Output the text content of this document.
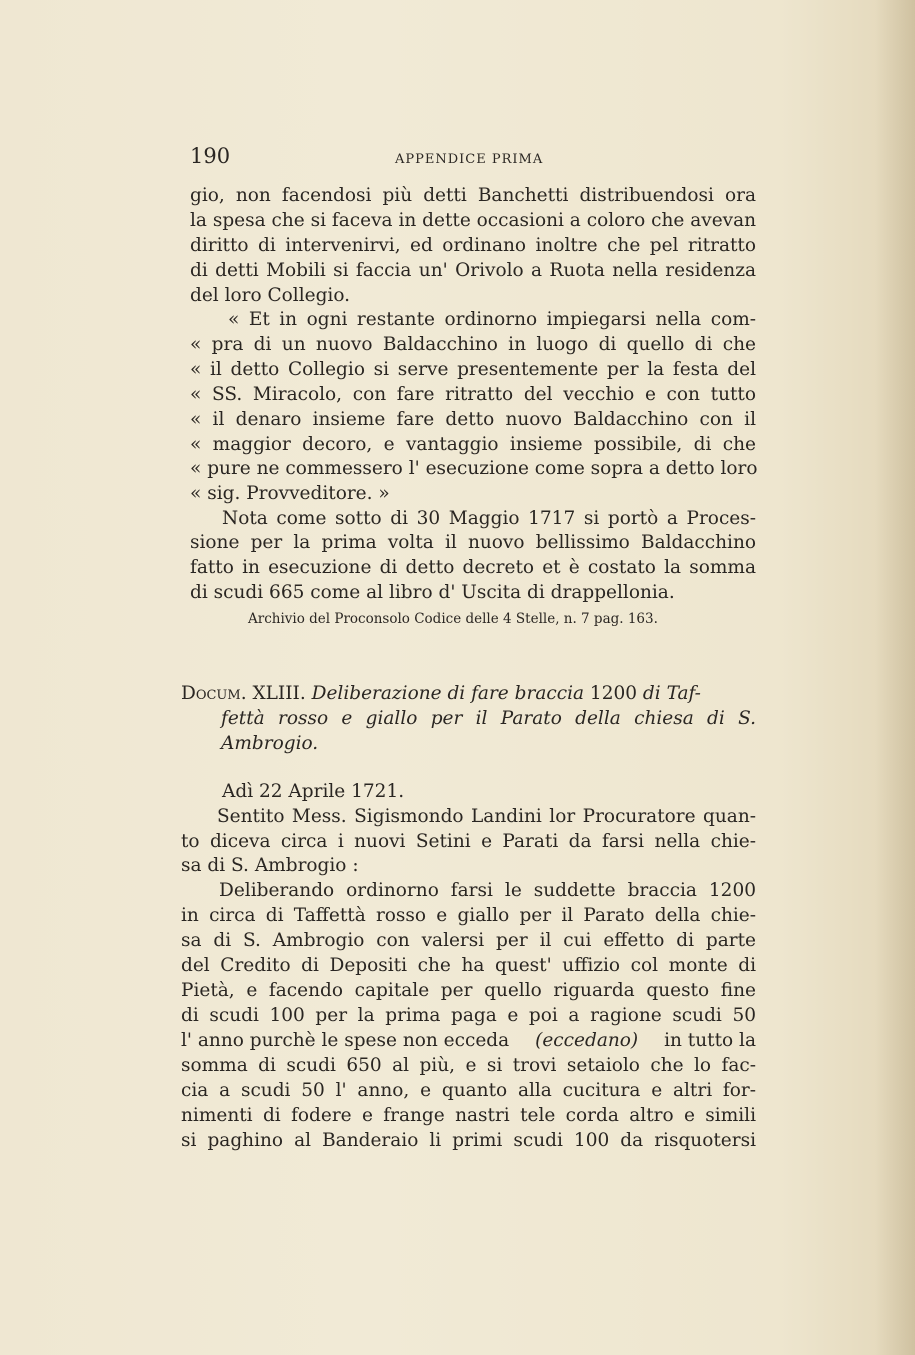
190	APPENDICE PRIMA
gio, non facendosi più detti Banchetti distribuendosi ora
la spesa che si faceva in dette occasioni a coloro che avevan
diritto di intervenirvi, ed ordinano inoltre che pel ritratto
di detti Mobili si faccia un' Orivolo a Ruota nella residenza
del loro Collegio.
« Et in ogni restante ordinorno impiegarsi nella com-
« pra di un nuovo Baldacchino in luogo di quello di che
« il detto Collegio si serve presentemente per la festa del
« SS. Miracolo, con fare ritratto del vecchio e con tutto
« il denaro insieme fare detto nuovo Baldacchino con il
« maggior decoro, e vantaggio insieme possibile, di che
« pure ne commessero l' esecuzione come sopra a detto loro
« sig. Provveditore. »
Nota come sotto di 30 Maggio 1717 si portò a Proces-
sione per la prima volta il nuovo bellissimo Baldacchino
fatto in esecuzione di detto decreto et è costato la somma
di scudi 665 come al libro d' Uscita di drappellonia.
Archivio del Proconsolo Codice delle 4 Stelle, n. 7 pag. 163.
Docum. XLIII. Deliberazione di fare braccia 1200 di Taf-
fettà rosso e giallo per il Parato della chiesa di S.
Ambrogio.
Adì 22 Aprile 1721.
Sentito Mess. Sigismondo Landini lor Procuratore quan-
to diceva circa i nuovi Setini e Parati da farsi nella chie-
sa di S. Ambrogio :
Deliberando ordinorno farsi le suddette braccia 1200
in circa di Taffettà rosso e giallo per il Parato della chie-
sa di S. Ambrogio con valersi per il cui effetto di parte
del Credito di Depositi che ha quest' uffizio col monte di
Pietà, e facendo capitale per quello riguarda questo fine
di scudi 100 per la prima paga e poi a ragione scudi 50
l' anno purchè le spese non ecceda (eccedano) in tutto la
somma di scudi 650 al più, e si trovi setaiolo che lo fac-
cia a scudi 50 l' anno, e quanto alla cucitura e altri for-
nimenti di fodere e frange nastri tele corda altro e simili
si paghino al Banderaio li primi scudi 100 da risquotersi
